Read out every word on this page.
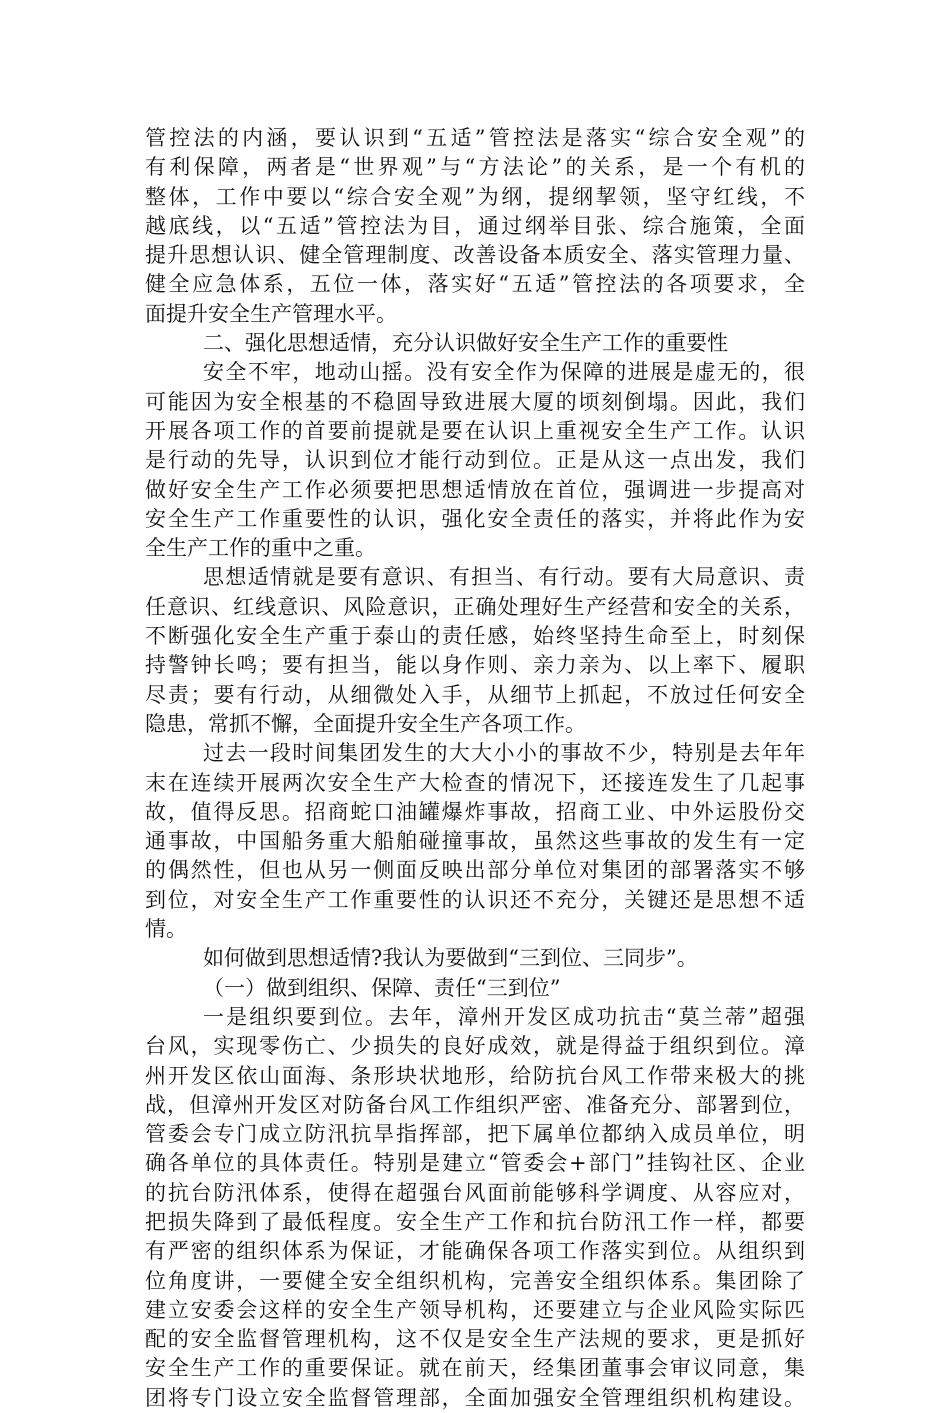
管控法的内涵，要认识到“五适”管控法是落实“综合安全观”的
有利保障，两者是“世界观”与“方法论”的关系，是一个有机的
整体，工作中要以“综合安全观”为纲，提纲挈领，坚守红线，不
越底线，以“五适”管控法为目，通过纲举目张、综合施策，全面
提升思想认识、健全管理制度、改善设备本质安全、落实管理力量、
健全应急体系，五位一体，落实好“五适”管控法的各项要求，全
面提升安全生产管理水平。
二、强化思想适情，充分认识做好安全生产工作的重要性
安全不牢，地动山摇。没有安全作为保障的进展是虚无的，很
可能因为安全根基的不稳固导致进展大厦的顷刻倒塌。因此，我们
开展各项工作的首要前提就是要在认识上重视安全生产工作。认识
是行动的先导，认识到位才能行动到位。正是从这一点出发，我们
做好安全生产工作必须要把思想适情放在首位，强调进一步提高对
安全生产工作重要性的认识，强化安全责任的落实，并将此作为安
全生产工作的重中之重。
思想适情就是要有意识、有担当、有行动。要有大局意识、责
任意识、红线意识、风险意识，正确处理好生产经营和安全的关系，
不断强化安全生产重于泰山的责任感，始终坚持生命至上，时刻保
持警钟长鸣；要有担当，能以身作则、亲力亲为、以上率下、履职
尽责；要有行动，从细微处入手，从细节上抓起，不放过任何安全
隐患，常抓不懈，全面提升安全生产各项工作。
过去一段时间集团发生的大大小小的事故不少，特别是去年年
末在连续开展两次安全生产大检查的情况下，还接连发生了几起事
故，值得反思。招商蛇口油罐爆炸事故，招商工业、中外运股份交
通事故，中国船务重大船舶碰撞事故，虽然这些事故的发生有一定
的偶然性，但也从另一侧面反映出部分单位对集团的部署落实不够
到位，对安全生产工作重要性的认识还不充分，关键还是思想不适
情。
如何做到思想适情?我认为要做到“三到位、三同步”。
（一）做到组织、保障、责任“三到位”
一是组织要到位。去年，漳州开发区成功抗击“莫兰蒂”超强
台风，实现零伤亡、少损失的良好成效，就是得益于组织到位。漳
州开发区依山面海、条形块状地形，给防抗台风工作带来极大的挑
战，但漳州开发区对防备台风工作组织严密、准备充分、部署到位，
管委会专门成立防汛抗旱指挥部，把下属单位都纳入成员单位，明
确各单位的具体责任。特别是建立“管委会+部门”挂钩社区、企业
的抗台防汛体系，使得在超强台风面前能够科学调度、从容应对，
把损失降到了最低程度。安全生产工作和抗台防汛工作一样，都要
有严密的组织体系为保证，才能确保各项工作落实到位。从组织到
位角度讲，一要健全安全组织机构，完善安全组织体系。集团除了
建立安委会这样的安全生产领导机构，还要建立与企业风险实际匹
配的安全监督管理机构，这不仅是安全生产法规的要求，更是抓好
安全生产工作的重要保证。就在前天，经集团董事会审议同意，集
团将专门设立安全监督管理部，全面加强安全管理组织机构建设。
